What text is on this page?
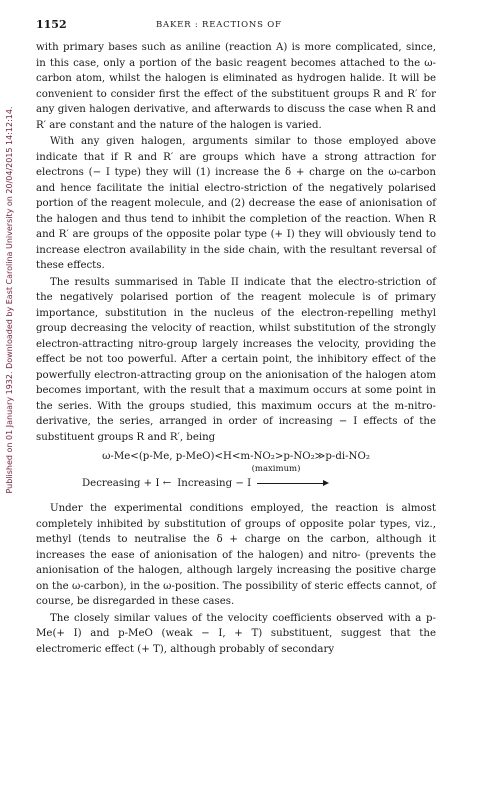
Published on 01 January 1932. Downloaded by East Carolina University on 20/04/2015 14:12:14.
1152	BAKER : REACTIONS OF

with primary bases such as aniline (reaction A) is more complicated, since, in this case, only a portion of the basic reagent becomes attached to the ω-carbon atom, whilst the halogen is eliminated as hydrogen halide. It will be convenient to consider first the effect of the substituent groups R and R′ for any given halogen derivative, and afterwards to discuss the case when R and R′ are constant and the nature of the halogen is varied.

With any given halogen, arguments similar to those employed above indicate that if R and R′ are groups which have a strong attraction for electrons (− I type) they will (1) increase the δ + charge on the ω-carbon and hence facilitate the initial electro-striction of the negatively polarised portion of the reagent molecule, and (2) decrease the ease of anionisation of the halogen and thus tend to inhibit the completion of the reaction. When R and R′ are groups of the opposite polar type (+ I) they will obviously tend to increase electron availability in the side chain, with the resultant reversal of these effects.

The results summarised in Table II indicate that the electro-striction of the negatively polarised portion of the reagent molecule is of primary importance, substitution in the nucleus of the electron-repelling methyl group decreasing the velocity of reaction, whilst substitution of the strongly electron-attracting nitro-group largely increases the velocity, providing the effect be not too powerful. After a certain point, the inhibitory effect of the powerfully electron-attracting group on the anionisation of the halogen atom becomes important, with the result that a maximum occurs at some point in the series. With the groups studied, this maximum occurs at the m-nitro-derivative, the series, arranged in order of increasing − I effects of the substituent groups R and R′, being

ω-Me<(p-Me, p-MeO)<H<m-NO₂>p-NO₂≫p-di-NO₂
(maximum)
Decreasing + I ← Increasing − I

Under the experimental conditions employed, the reaction is almost completely inhibited by substitution of groups of opposite polar types, viz., methyl (tends to neutralise the δ + charge on the carbon, although it increases the ease of anionisation of the halogen) and nitro- (prevents the anionisation of the halogen, although largely increasing the positive charge on the ω-carbon), in the ω-position. The possibility of steric effects cannot, of course, be disregarded in these cases.

The closely similar values of the velocity coefficients observed with a p-Me(+ I) and p-MeO (weak − I, + T) substituent, suggest that the electromeric effect (+ T), although probably of secondary
